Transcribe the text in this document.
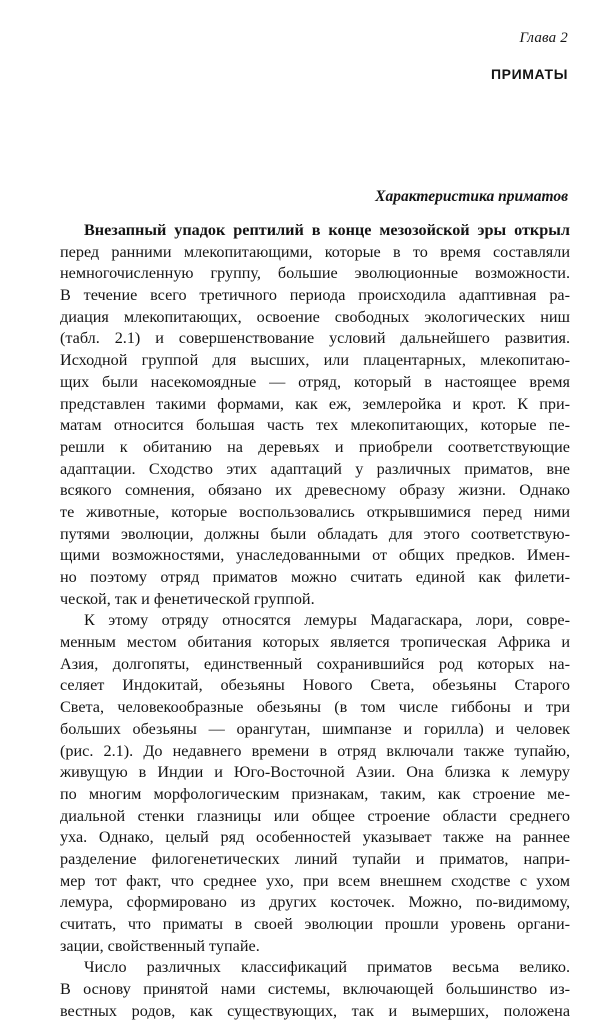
Глава 2
ПРИМАТЫ
Характеристика приматов
Внезапный упадок рептилий в конце мезозойской эры открыл
перед ранними млекопитающими, которые в то время составляли
немногочисленную группу, большие эволюционные возможности.
В течение всего третичного периода происходила адаптивная ра-
диация млекопитающих, освоение свободных экологических ниш
(табл. 2.1) и совершенствование условий дальнейшего развития.
Исходной группой для высших, или плацентарных, млекопитаю-
щих были насекомоядные — отряд, который в настоящее время
представлен такими формами, как еж, землеройка и крот. К при-
матам относится большая часть тех млекопитающих, которые пе-
решли к обитанию на деревьях и приобрели соответствующие
адаптации. Сходство этих адаптаций у различных приматов, вне
всякого сомнения, обязано их древесному образу жизни. Однако
те животные, которые воспользовались открывшимися перед ними
путями эволюции, должны были обладать для этого соответствую-
щими возможностями, унаследованными от общих предков. Имен-
но поэтому отряд приматов можно считать единой как филети-
ческой, так и фенетической группой.
К этому отряду относятся лемуры Мадагаскара, лори, совре-
менным местом обитания которых является тропическая Африка и
Азия, долгопяты, единственный сохранившийся род которых на-
селяет Индокитай, обезьяны Нового Света, обезьяны Старого
Света, человекообразные обезьяны (в том числе гиббоны и три
больших обезьяны — орангутан, шимпанзе и горилла) и человек
(рис. 2.1). До недавнего времени в отряд включали также тупайю,
живущую в Индии и Юго-Восточной Азии. Она близка к лемуру
по многим морфологическим признакам, таким, как строение ме-
диальной стенки глазницы или общее строение области среднего
уха. Однако, целый ряд особенностей указывает также на раннее
разделение филогенетических линий тупайи и приматов, напри-
мер тот факт, что среднее ухо, при всем внешнем сходстве с ухом
лемура, сформировано из других косточек. Можно, по-видимому,
считать, что приматы в своей эволюции прошли уровень органи-
зации, свойственный тупайе.
Число различных классификаций приматов весьма велико.
В основу принятой нами системы, включающей большинство из-
вестных родов, как существующих, так и вымерших, положена
